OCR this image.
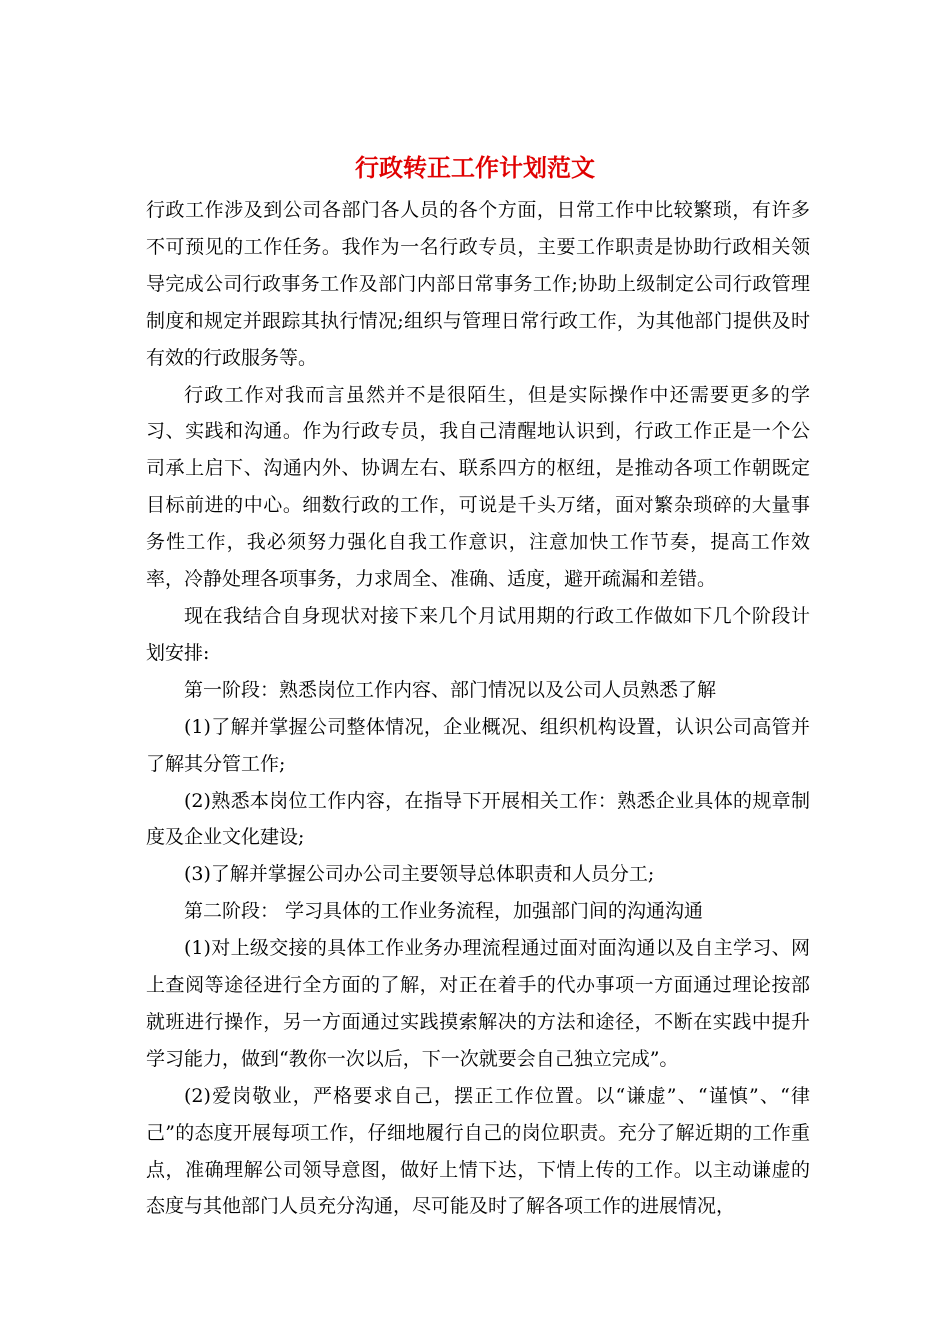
行政转正工作计划范文

行政工作涉及到公司各部门各人员的各个方面，日常工作中比较繁琐，有许多不可预见的工作任务。我作为一名行政专员，主要工作职责是协助行政相关领导完成公司行政事务工作及部门内部日常事务工作;协助上级制定公司行政管理制度和规定并跟踪其执行情况;组织与管理日常行政工作，为其他部门提供及时有效的行政服务等。

行政工作对我而言虽然并不是很陌生，但是实际操作中还需要更多的学习、实践和沟通。作为行政专员，我自己清醒地认识到，行政工作正是一个公司承上启下、沟通内外、协调左右、联系四方的枢纽，是推动各项工作朝既定目标前进的中心。细数行政的工作，可说是千头万绪，面对繁杂琐碎的大量事务性工作，我必须努力强化自我工作意识，注意加快工作节奏，提高工作效率，冷静处理各项事务，力求周全、准确、适度，避开疏漏和差错。

现在我结合自身现状对接下来几个月试用期的行政工作做如下几个阶段计划安排:

第一阶段：熟悉岗位工作内容、部门情况以及公司人员熟悉了解

(1)了解并掌握公司整体情况，企业概况、组织机构设置，认识公司高管并了解其分管工作;

(2)熟悉本岗位工作内容，在指导下开展相关工作：熟悉企业具体的规章制度及企业文化建设;

(3)了解并掌握公司办公司主要领导总体职责和人员分工;

第二阶段： 学习具体的工作业务流程，加强部门间的沟通沟通

(1)对上级交接的具体工作业务办理流程通过面对面沟通以及自主学习、网上查阅等途径进行全方面的了解，对正在着手的代办事项一方面通过理论按部就班进行操作，另一方面通过实践摸索解决的方法和途径，不断在实践中提升学习能力，做到“教你一次以后，下一次就要会自己独立完成”。

(2)爱岗敬业，严格要求自己，摆正工作位置。以“谦虚”、“谨慎”、“律己”的态度开展每项工作，仔细地履行自己的岗位职责。充分了解近期的工作重点，准确理解公司领导意图，做好上情下达，下情上传的工作。以主动谦虚的态度与其他部门人员充分沟通，尽可能及时了解各项工作的进展情况，
